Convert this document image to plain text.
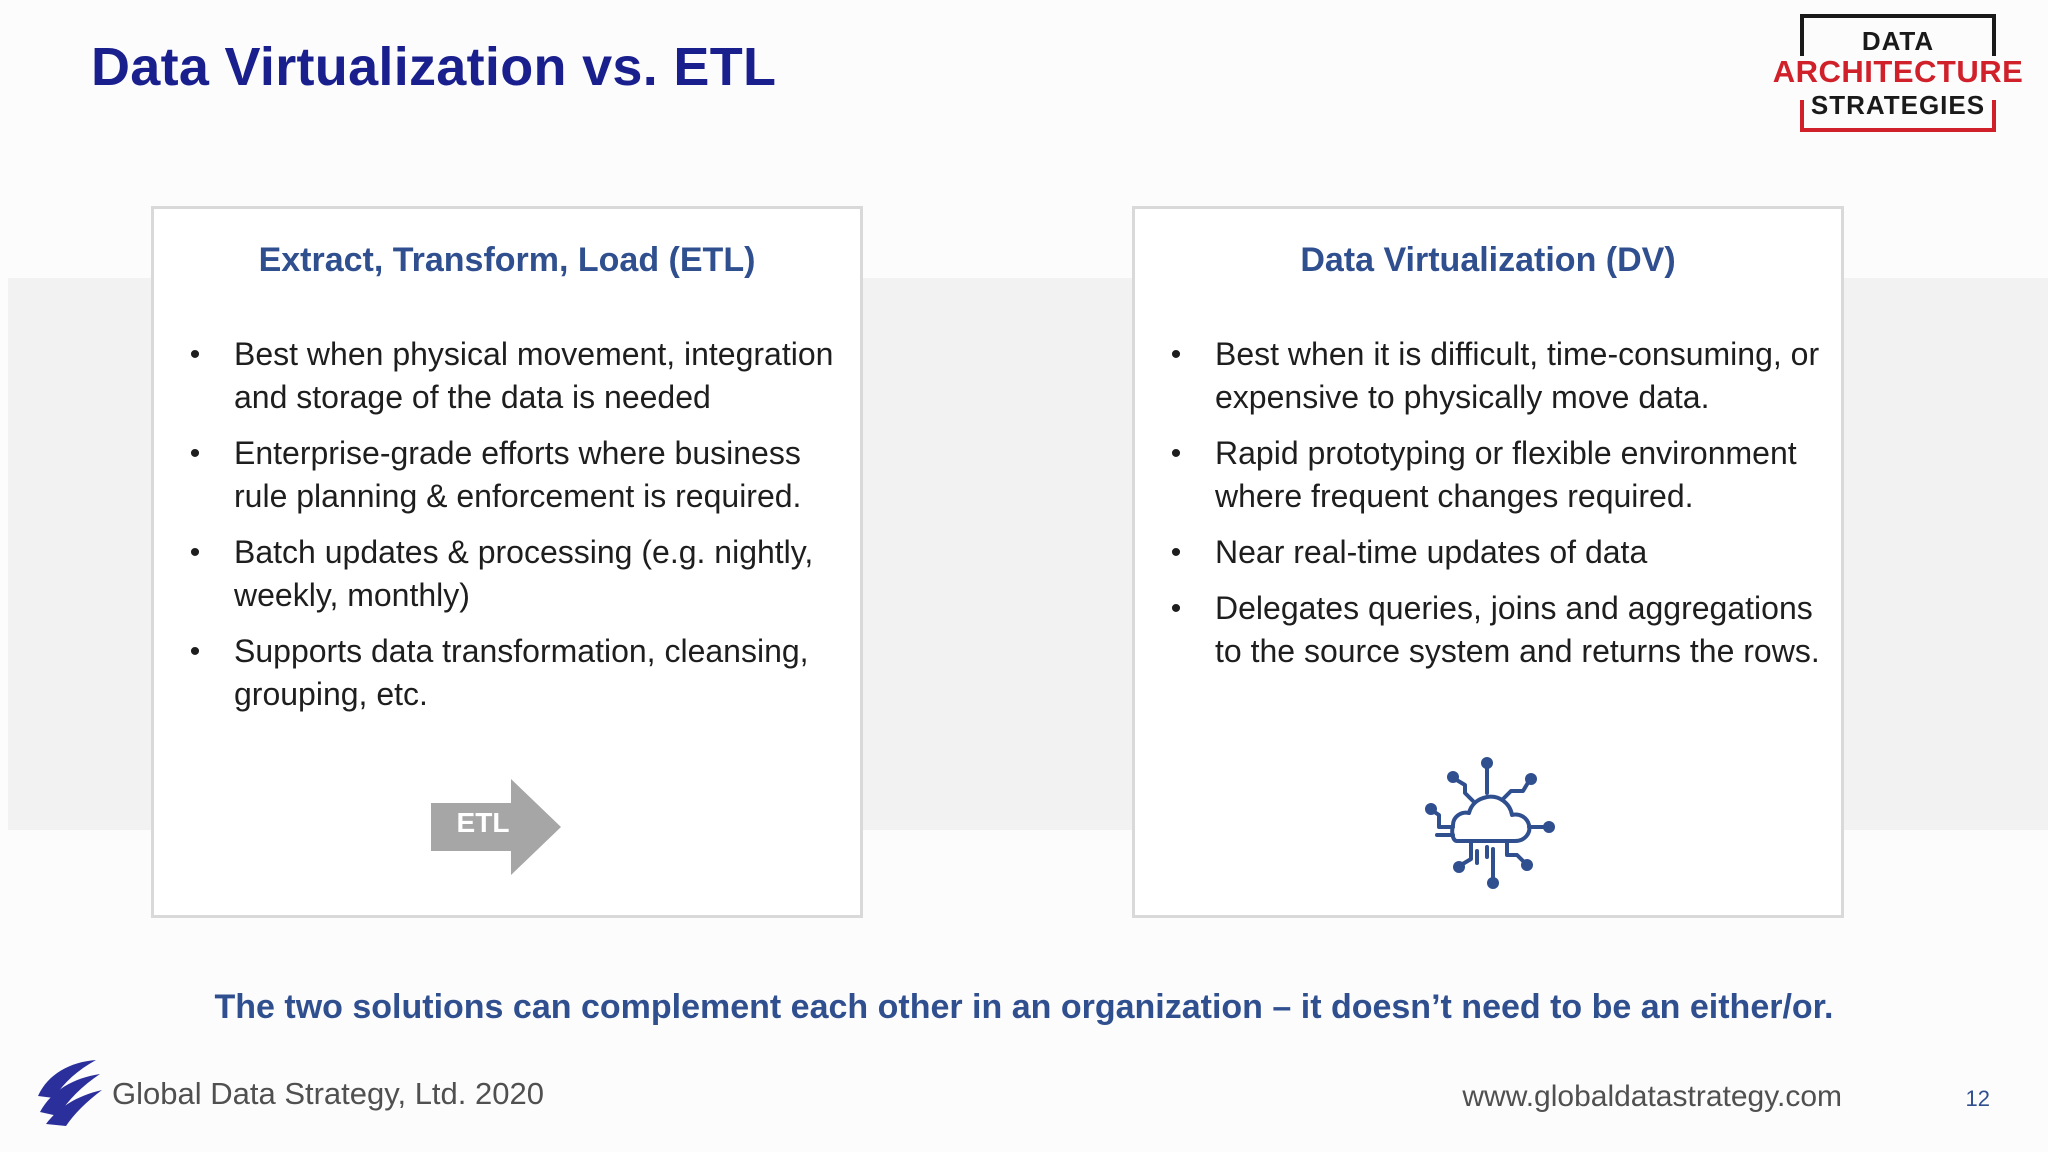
Data Virtualization vs. ETL	DATA
ARCHITECTURE
STRATEGIES
Extract, Transform, Load (ETL)
•	Best when physical movement, integration and storage of the data is needed
•	Enterprise-grade efforts where business rule planning & enforcement is required.
•	Batch updates & processing (e.g. nightly, weekly, monthly)
•	Supports data transformation, cleansing, grouping, etc.
ETL
Data Virtualization (DV)
•	Best when it is difficult, time-consuming, or expensive to physically move data.
•	Rapid prototyping or flexible environment where frequent changes required.
•	Near real-time updates of data
•	Delegates queries, joins and aggregations to the source system and returns the rows.

The two solutions can complement each other in an organization – it doesn’t need to be an either/or.

Global Data Strategy, Ltd. 2020	www.globaldatastrategy.com	12
